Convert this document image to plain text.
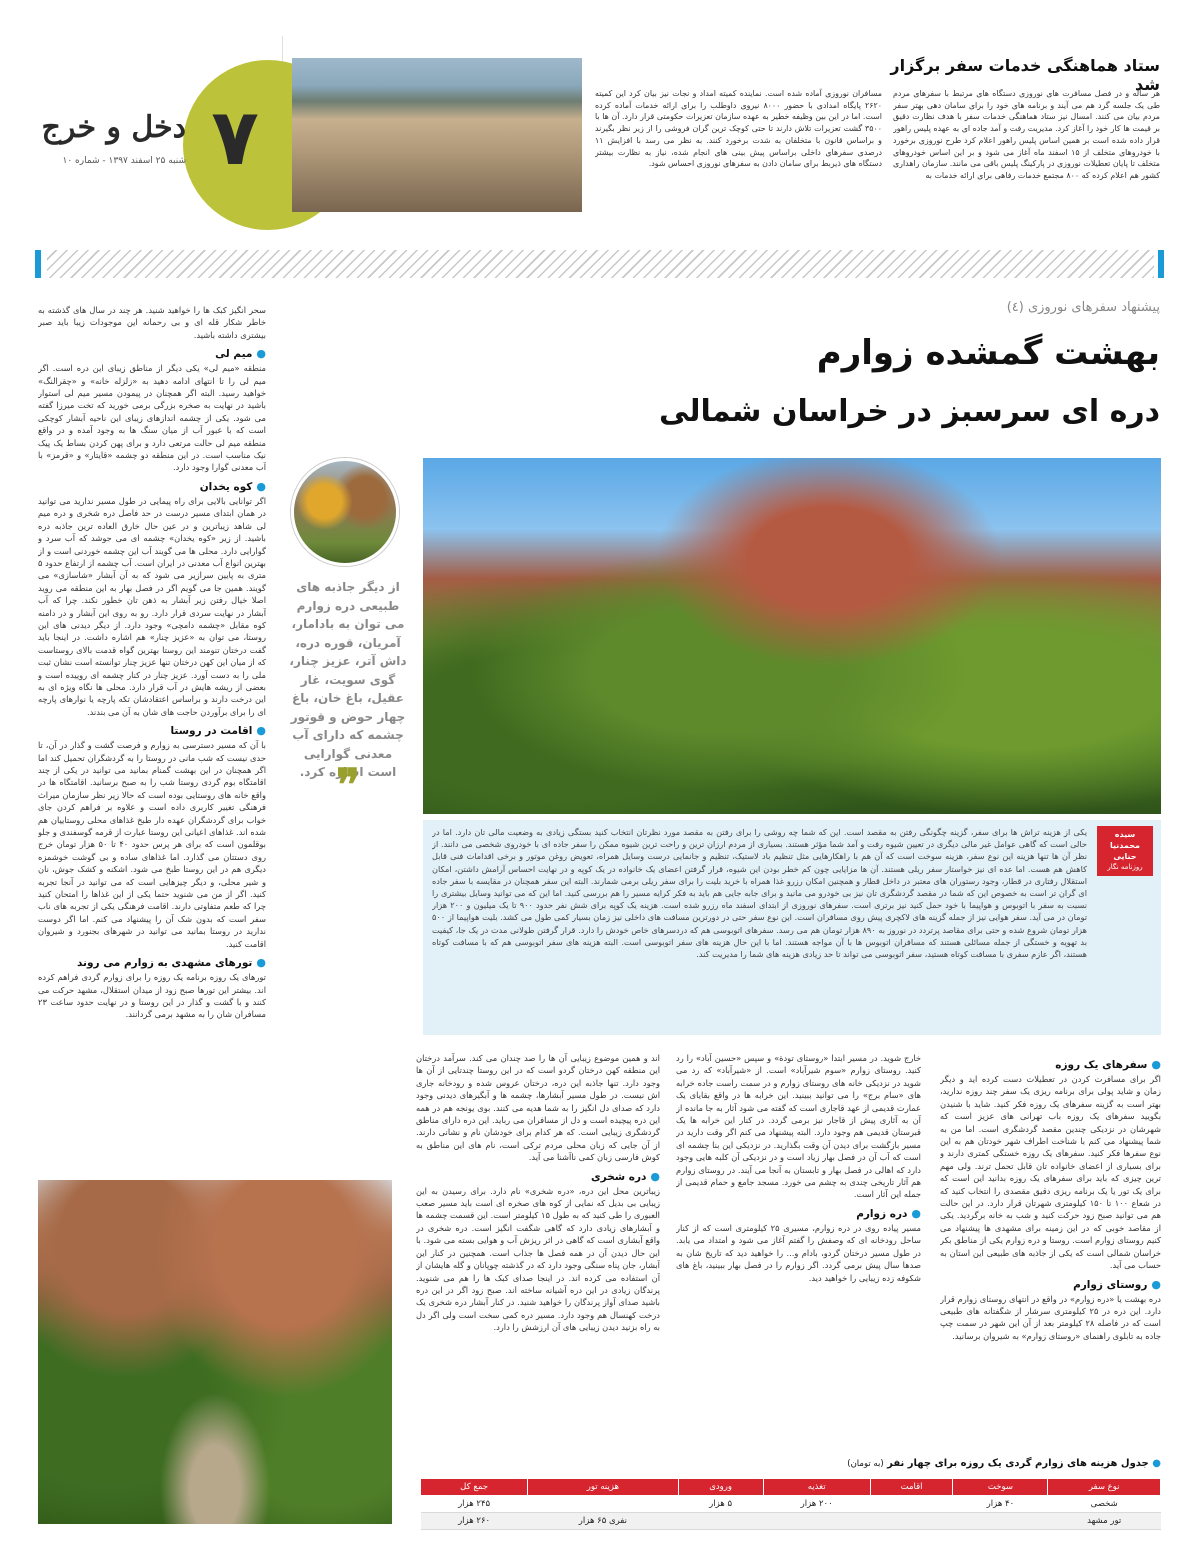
۷
دخل و خرج
شنبه ۲۵ اسفند ۱۳۹۷ - شماره ۱۰
ستاد هماهنگی خدمات سفر برگزار شد
هر ساله و در فصل مسافرت های نوروزی دستگاه های مرتبط با سفرهای مردم طی یک جلسه گرد هم می آیند و برنامه های خود را برای سامان دهی بهتر سفر مردم بیان می کنند. امسال نیز ستاد هماهنگی خدمات سفر با هدف نظارت دقیق بر قیمت ها کار خود را آغاز کرد. مدیریت رفت و آمد جاده ای به عهده پلیس راهور قرار داده شده است بر همین اساس پلیس راهور اعلام کرد طرح نوروزی برخورد با خودروهای متخلف از ۱۵ اسفند ماه آغاز می شود و بر این اساس خودروهای متخلف تا پایان تعطیلات نوروزی در پارکینگ پلیس باقی می مانند. سازمان راهداری کشور هم اعلام کرده که ۸۰۰ مجتمع خدمات رفاهی برای ارائه خدمات به
مسافران نوروزی آماده شده است. نماینده کمیته امداد و نجات نیز بیان کرد این کمیته ۲۶۲۰ پایگاه امدادی با حضور ۸۰۰۰ نیروی داوطلب را برای ارائه خدمات آماده کرده است. اما در این بین وظیفه خطیر به عهده سازمان تعزیرات حکومتی قرار دارد. آن ها با ۳۵۰۰ گشت تعزیرات تلاش دارند تا حتی کوچک ترین گران فروشی را از زیر نظر بگیرند و براساس قانون با متخلفان به شدت برخورد کنند. به نظر می رسد با افزایش ۱۱ درصدی سفرهای داخلی براساس پیش بینی های انجام شده، نیاز به نظارت بیشتر دستگاه های ذیربط برای سامان دادن به سفرهای نوروزی احساس شود.
پیشنهاد سفرهای نوروزی (٤)
بهشت گمشده زوارم
دره ای سرسبز در خراسان شمالی
از دیگر جاذبه های طبیعی دره زوارم می توان به بادامار، آمریان، قوره دره، داش آتر، عزیز چنار، گوی سویت، غار عقیل، باغ خان، باغ چهار حوض و قوتور چشمه که دارای آب معدنی گوارایی است اشاره کرد.
❞
سیده محمدنیا حنایی
روزنامه نگار
یکی از هزینه تراش ها برای سفر، گزینه چگونگی رفتن به مقصد است. این که شما چه روشی را برای رفتن به مقصد مورد نظرتان انتخاب کنید بستگی زیادی به وضعیت مالی تان دارد. اما در حالی است که گاهی عوامل غیر مالی دیگری در تعیین شیوه رفت و آمد شما مؤثر هستند. بسیاری از مردم ارزان ترین و راحت ترین شیوه ممکن را سفر جاده ای با خودروی شخصی می دانند. از نظر آن ها تنها هزینه این نوع سفر، هزینه سوخت است که آن هم با راهکارهایی مثل تنظیم باد لاستیک، تنظیم و جانمایی درست وسایل همراه، تعویض روغن موتور و برخی اقدامات فنی قابل کاهش هم هست. اما عده ای نیز خواستار سفر ریلی هستند. آن ها مزایایی چون کم خطر بودن این شیوه، قرار گرفتن اعضای یک خانواده در یک کوپه و در نهایت احساس آرامش داشتن، امکان استقلال رفتاری در قطار، وجود رستوران های معتبر در داخل قطار و همچنین امکان رزرو غذا همراه با خرید بلیت را برای سفر ریلی برمی شمارند. البته این سفر همچنان در مقایسه با سفر جاده ای گران تر است به خصوص این که شما در مقصد گردشگری تان نیز بی خودرو می مانید و برای جابه جایی هم باید به فکر کرایه مسیر را هم بررسی کنید. اما این که می توانید وسایل بیشتری را نسبت به سفر با اتوبوس و هواپیما با خود حمل کنید نیز برتری است. سفرهای نوروزی از ابتدای اسفند ماه رزرو شده است. هزینه یک کوپه برای شش نفر حدود ۹۰۰ تا یک میلیون و ۲۰۰ هزار تومان در می آید. سفر هوایی نیز از جمله گزینه های لاکچری پیش روی مسافران است. این نوع سفر حتی در دورترین مسافت های داخلی نیز زمان بسیار کمی طول می کشد. بلیت هواپیما از ۵۰۰ هزار تومان شروع شده و حتی برای مقاصد پرتردد در نوروز به ۸۹۰ هزار تومان هم می رسد. سفرهای اتوبوسی هم که دردسرهای خاص خودش را دارد. قرار گرفتن طولانی مدت در یک جا، کیفیت بد تهویه و خستگی از جمله مسائلی هستند که مسافران اتوبوس ها با آن مواجه هستند. اما با این حال هزینه های سفر اتوبوسی است. البته هزینه های سفر اتوبوسی هم که با مسافت کوتاه هستند، اگر عازم سفری با مسافت کوتاه هستید، سفر اتوبوسی می تواند تا حد زیادی هزینه های شما را مدیریت کند.

سحر انگیز کبک ها را خواهید شنید. هر چند در سال های گذشته به خاطر شکار قله ای و بی رحمانه این موجودات زیبا باید صبر بیشتری داشته باشید.

●میم لی

منطقه «میم لی» یکی دیگر از مناطق زیبای این دره است. اگر میم لی را تا انتهای ادامه دهید به «زلزله خانه» و «چقرالنگ» خواهید رسید. البته اگر همچنان در پیمودن مسیر میم لی استوار باشید در نهایت به صخره بزرگی برمی خورید که تخت میرزا گفته می شود. یکی از چشمه اندازهای زیبای این ناحیه آبشار کوچکی است که با عبور آب از میان سنگ ها به وجود آمده و در واقع منطقه میم لی حالت مرتعی دارد و برای پهن کردن بساط یک پیک نیک مناسب است. در این منطقه دو چشمه «قایتار» و «قرمز» با آب معدنی گوارا وجود دارد.

●کوه یخدان

اگر توانایی بالایی برای راه پیمایی در طول مسیر ندارید می توانید در همان ابتدای مسیر درست در حد فاصل دره شخری و دره میم لی شاهد زیباترین و در عین حال خارق العاده ترین جاذبه دره باشید. از زیر «کوه یخدان» چشمه ای می جوشد که آب سرد و گوارایی دارد. محلی ها می گویند آب این چشمه خوردنی است و از بهترین انواع آب معدنی در ایران است. آب چشمه از ارتفاع حدود ۵ متری به پایین سرازیر می شود که به آن آبشار «شاسازی» می گویند. همین جا می گویم اگر در فصل بهار به این منطقه می روید اصلا خیال رفتن زیر آبشار به ذهن تان خطور نکند. چرا که آب آبشار در نهایت سردی قرار دارد. رو به روی این آبشار و در دامنه کوه مقابل «چشمه دامچی» وجود دارد. از دیگر دیدنی های این روستا، می توان به «عزیز چنار» هم اشاره داشت. در اینجا باید گفت درختان تنومند این روستا بهترین گواه قدمت بالای روستاست که از میان این کهن درختان تنها عزیز چنار توانسته است نشان ثبت ملی را به دست آورد. عزیز چنار در کنار چشمه ای روییده است و بعضی از ریشه هایش در آب قرار دارد. محلی ها نگاه ویژه ای به این درخت دارند و براساس اعتقادشان تکه پارچه یا نوارهای پارچه ای را برای برآوردن حاجت های شان به آن می بندند.

●اقامت در روستا

با آن که مسیر دسترسی به زوارم و فرصت گشت و گذار در آن، تا حدی نیست که شب مانی در روستا را به گردشگران تحمیل کند اما اگر همچنان در این بهشت گمنام بمانید می توانید در یکی از چند اقامتگاه بوم گردی روستا شب را به صبح برسانید. اقامتگاه ها در واقع خانه های روستایی بوده است که حالا زیر نظر سازمان میراث فرهنگی تغییر کاربری داده است و علاوه بر فراهم کردن جای خواب برای گردشگران عهده دار طبخ غذاهای محلی روستاییان هم شده اند. غذاهای اعیانی این روستا عبارت از قرمه گوسفندی و جلو بوقلمون است که برای هر پرس حدود ۴۰ تا ۵۰ هزار تومان خرج روی دستتان می گذارد. اما غذاهای ساده و بی گوشت خوشمزه دیگری هم در این روستا طبخ می شود. اشکنه و کشک جوش، نان و شیر محلی، و دیگر چیزهایی است که می توانید در آنجا تجربه کنید. اگر از من می شنوید حتما یکی از این غذاها را امتحان کنید چرا که طعم متفاوتی دارند. اقامت فرهنگی یکی از تجربه های ناب سفر است که بدون شک آن را پیشنهاد می کنم. اما اگر دوست ندارید در روستا بمانید می توانید در شهرهای بجنورد و شیروان اقامت کنید.

●تورهای مشهدی به زوارم می روند

تورهای یک روزه برنامه یک روزه را برای زوارم گردی فراهم کرده اند. بیشتر این تورها صبح زود از میدان استقلال، مشهد حرکت می کنند و با گشت و گذار در این روستا و در نهایت حدود ساعت ۲۳ مسافران شان را به مشهد برمی گردانند.

●سفرهای یک روزه

اگر برای مسافرت کردن در تعطیلات دست کرده اید و دیگر زمان و شاید پولی برای برنامه ریزی یک سفر چند روزه ندارید، بهتر است به گزینه سفرهای یک روزه فکر کنید. شاید با شنیدن بگویید سفرهای یک روزه باب تهرانی های عزیز است که شهرشان در نزدیکی چندین مقصد گردشگری است. اما من به شما پیشنهاد می کنم با شناخت اطراف شهر خودتان هم به این نوع سفرها فکر کنید. سفرهای یک روزه خستگی کمتری دارند و برای بسیاری از اعضای خانواده تان قابل تحمل ترند. ولی مهم ترین چیزی که باید برای سفرهای یک روزه بدانید این است که برای یک تور یا یک برنامه ریزی دقیق مقصدی را انتخاب کنید که در شعاع ۱۰۰ تا ۱۵۰ کیلومتری شهرتان قرار دارد. در این حالت هم می توانید صبح زود حرکت کنید و شب به خانه برگردید. یکی از مقاصد خوبی که در این زمینه برای مشهدی ها پیشنهاد می کنیم روستای زوارم است. روستا و دره زوارم یکی از مناطق بکر خراسان شمالی است که یکی از جاذبه های طبیعی این استان به حساب می آید.

●روستای زوارم

دره بهشت یا «دره زوارم» در واقع در انتهای روستای زوارم قرار دارد. این دره در ۲۵ کیلومتری سرشار از شگفتانه های طبیعی است که در فاصله ۲۸ کیلومتر بعد از آن این شهر در سمت چپ جاده به تابلوی راهنمای «روستای زوارم» به شیروان برسانید.

خارج شوید. در مسیر ابتدا «روستای تودة» و سپس «حسین آباد» را رد کنید. روستای زوارم «سوم شیرآباد» است. از «شیرآباد» که رد می شوید در نزدیکی خانه های روستای زوارم و در سمت راست جاده خرابه های «سام برج» را می توانید ببینید. این خرابه ها در واقع بقایای یک عمارت قدیمی از عهد قاجاری است که گفته می شود آثار به جا مانده از آن به آثاری پیش از قاجار نیز برمی گردد. در کنار این خرابه ها یک قبرستان قدیمی هم وجود دارد. البته پیشنهاد می کنم اگر وقت دارید در مسیر بازگشت برای دیدن آن وقت بگذارید. در نزدیکی این بنا چشمه ای است که آب آن در فصل بهار زیاد است و در نزدیکی آن کلبه هایی وجود دارد که اهالی در فصل بهار و تابستان به آنجا می آیند. در روستای زوارم هم آثار تاریخی چندی به چشم می خورد. مسجد جامع و حمام قدیمی از جمله این آثار است.

●دره زوارم

مسیر پیاده روی در دره زوارم، مسیری ۲۵ کیلومتری است که از کنار ساحل رودخانه ای که وصفش را گفتم آغاز می شود و امتداد می یابد. در طول مسیر درختان گردو، بادام و... را خواهید دید که تاریخ شان به صدها سال پیش برمی گردد. اگر زوارم را در فصل بهار ببینید، باغ های شکوفه زده زیبایی را خواهید دید.

اند و همین موضوع زیبایی آن ها را صد چندان می کند. سرآمد درختان این منطقه کهن درختان گردو است که در این روستا چندتایی از آن ها وجود دارد. تنها جاذبه این دره، درختان عروس شده و رودخانه جاری اش نیست. در طول مسیر آبشارها، چشمه ها و آبگیرهای دیدنی وجود دارد که صدای دل انگیز را به شما هدیه می کنند. بوی یونجه هم در همه این دره پیچیده است و دل از مسافران می رباید. این دره دارای مناطق گردشگری زیبایی است. که هر کدام برای خودشان نام و نشانی دارند. از آن جایی که زبان محلی مردم ترکی است، نام های این مناطق به کوش فارسی زبان کمی ناآشنا می آید.

●دره شخری

زیباترین محل این دره، «دره شخری» نام دارد. برای رسیدن به این زیبایی بی بدیل که نمایی از کوه های صخره ای است باید مسیر صعب العبوری را طی کنید که به طول ۱۵ کیلومتر است. این قسمت چشمه ها و آبشارهای زیادی دارد که گاهی شگفت انگیز است. دره شخری در واقع آبشاری است که گاهی در اثر ریزش آب و هوایی بسته می شود. با این حال دیدن آن در همه فصل ها جذاب است. همچنین در کنار این آبشار، جان پناه سنگی وجود دارد که در گذشته چوپانان و گله هایشان از آن استفاده می کرده اند. در اینجا صدای کبک ها را هم می شنوید. پرندگان زیادی در این دره آشیانه ساخته اند. صبح زود اگر در این دره باشید صدای آواز پرندگان را خواهید شنید. در کنار آبشار دره شخری یک درخت کهنسال هم وجود دارد. مسیر دره کمی سخت است ولی اگر دل به راه بزنید دیدن زیبایی های آن ارزشش را دارد.

● جدول هزینه های زوارم گردی یک روزه برای چهار نفر (به تومان)
نوع سفر	سوخت	اقامت	تغذیه	ورودی	هزینه تور	جمع کل
شخصی	۴۰ هزار		۲۰۰ هزار	۵ هزار		۲۴۵ هزار
تور مشهد					نفری ۶۵ هزار	۲۶۰ هزار
